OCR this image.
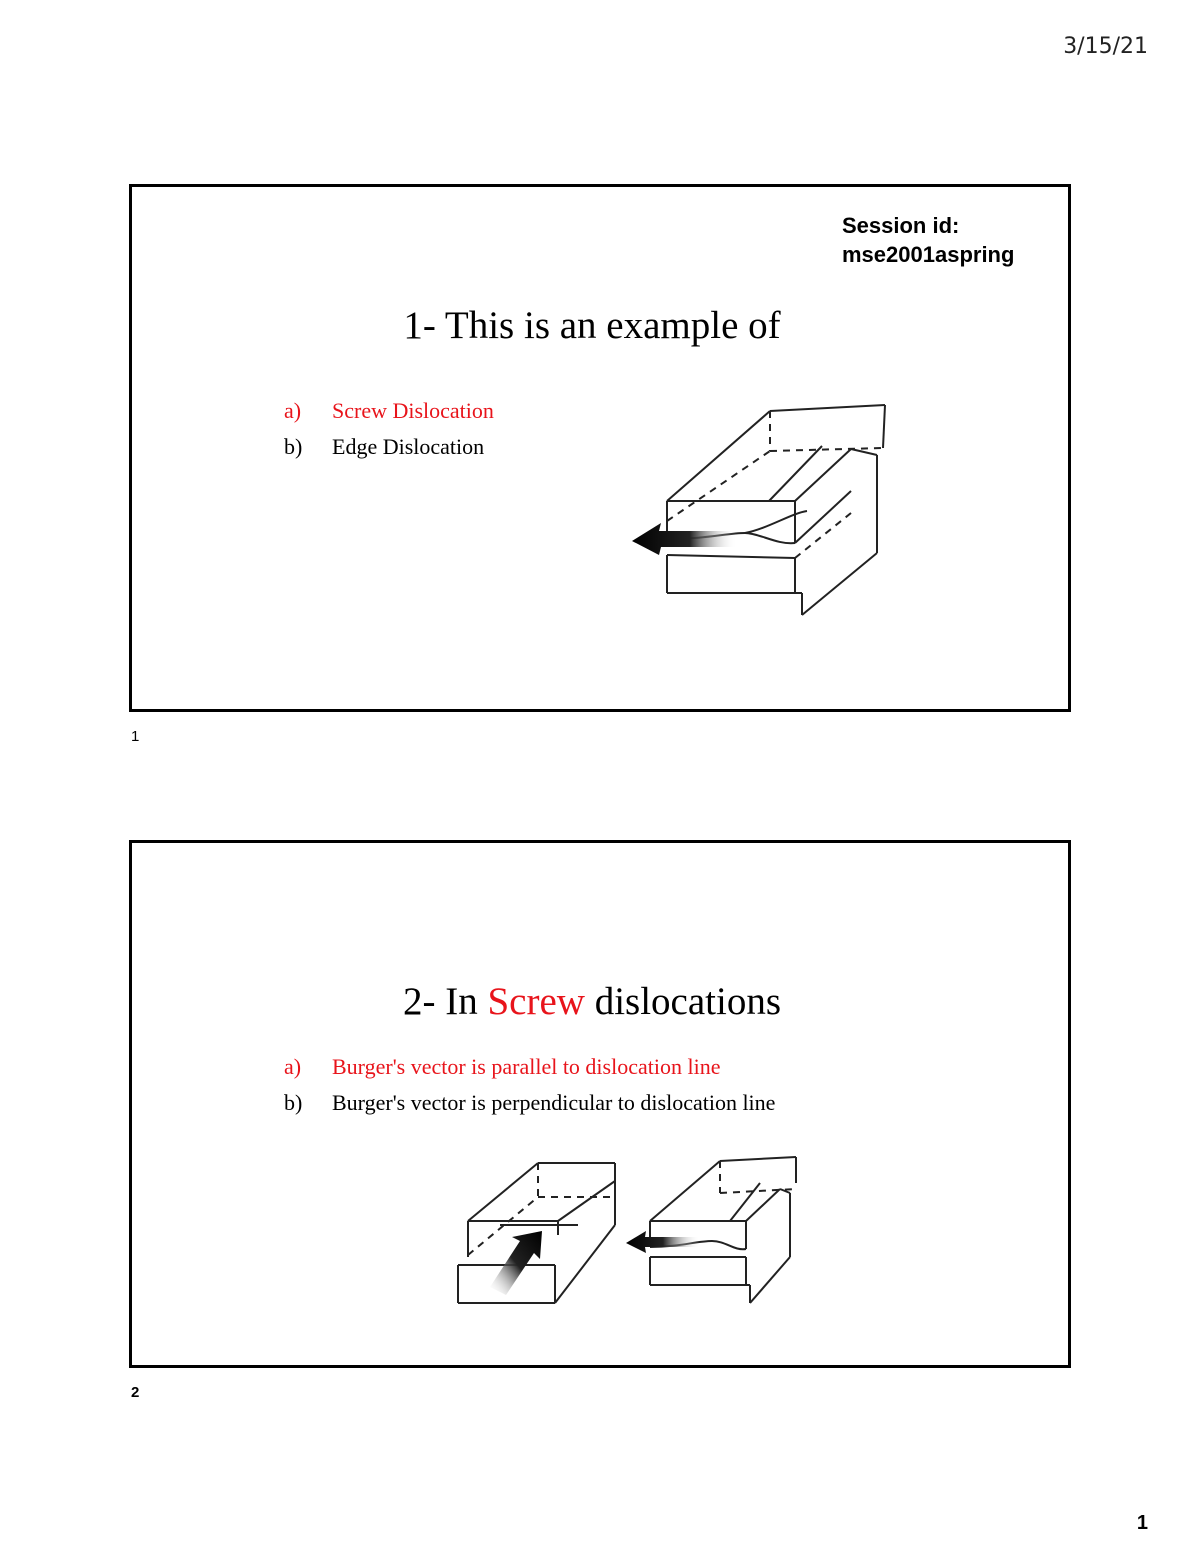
3/15/21
Session id:
mse2001aspring
1- This is an example of
a) Screw Dislocation
b) Edge Dislocation
1
2- In Screw dislocations
a) Burger's vector is parallel to dislocation line
b) Burger's vector is perpendicular to dislocation line
2
1
